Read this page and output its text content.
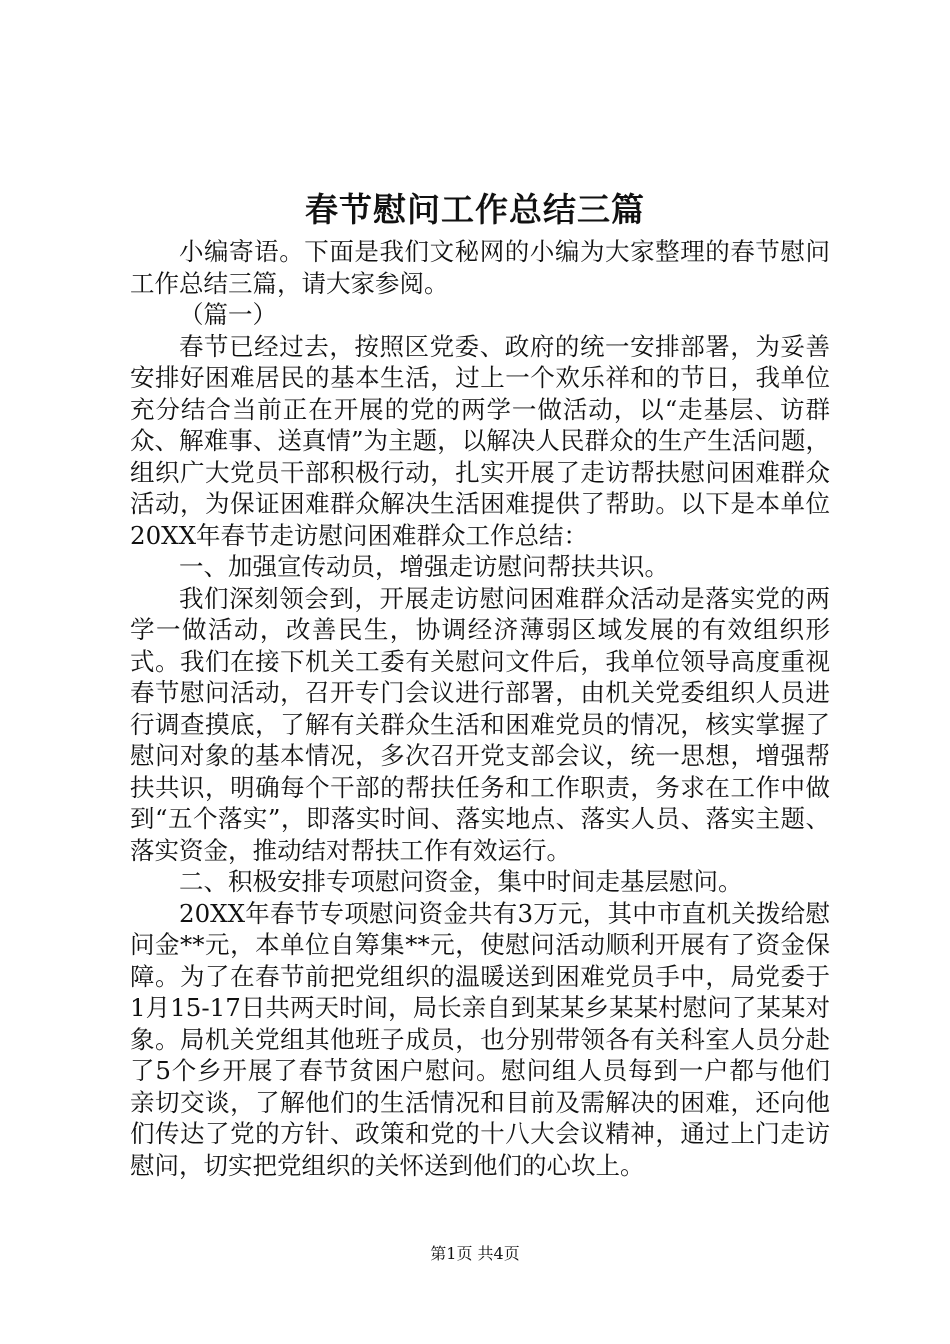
春节慰问工作总结三篇

小编寄语。下面是我们文秘网的小编为大家整理的春节慰问工作总结三篇，请大家参阅。

（篇一）

春节已经过去，按照区党委、政府的统一安排部署，为妥善安排好困难居民的基本生活，过上一个欢乐祥和的节日，我单位充分结合当前正在开展的党的两学一做活动，以“走基层、访群众、解难事、送真情”为主题，以解决人民群众的生产生活问题，组织广大党员干部积极行动，扎实开展了走访帮扶慰问困难群众活动，为保证困难群众解决生活困难提供了帮助。以下是本单位20XX年春节走访慰问困难群众工作总结：

一、加强宣传动员，增强走访慰问帮扶共识。

我们深刻领会到，开展走访慰问困难群众活动是落实党的两学一做活动，改善民生，协调经济薄弱区域发展的有效组织形式。我们在接下机关工委有关慰问文件后，我单位领导高度重视春节慰问活动，召开专门会议进行部署，由机关党委组织人员进行调查摸底，了解有关群众生活和困难党员的情况，核实掌握了慰问对象的基本情况，多次召开党支部会议，统一思想，增强帮扶共识，明确每个干部的帮扶任务和工作职责，务求在工作中做到“五个落实”，即落实时间、落实地点、落实人员、落实主题、落实资金，推动结对帮扶工作有效运行。

二、积极安排专项慰问资金，集中时间走基层慰问。

20XX年春节专项慰问资金共有3万元，其中市直机关拨给慰问金**元，本单位自筹集**元，使慰问活动顺利开展有了资金保障。为了在春节前把党组织的温暖送到困难党员手中，局党委于1月15-17日共两天时间，局长亲自到某某乡某某村慰问了某某对象。局机关党组其他班子成员，也分别带领各有关科室人员分赴了5个乡开展了春节贫困户慰问。慰问组人员每到一户都与他们亲切交谈，了解他们的生活情况和目前及需解决的困难，还向他们传达了党的方针、政策和党的十八大会议精神，通过上门走访慰问，切实把党组织的关怀送到他们的心坎上。

第1页 共4页
